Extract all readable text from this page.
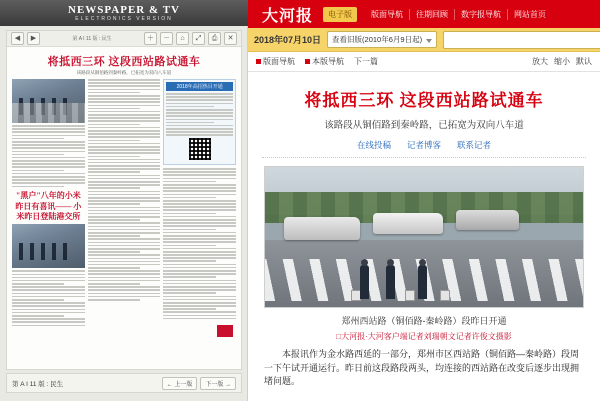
NEWSPAPER & TV
ELECTRONICS VERSION
◀	▶	第 A I 11 版 : 民生	＋	－	⌂	⤢	⎙	✕
将抵西三环 这段西站路试通车
该路段从铜佰路到秦岭路，已拓宽为双向八车道
"黑户"八年的小米昨日有喜讯—— 小米昨日登陆港交所
2018年高招热目开通
第 A I 11 版 : 民生	← 上一版	下一版 →
大河报	电子版	版面导航	往期回顾	数字报导航	网站首页
2018年07月10日	查看旧版(2010年6月9日起)
版面导航 本版导航 下一篇	放大 缩小 默认
将抵西三环 这段西站路试通车
该路段从铜佰路到秦岭路，已拓宽为双向八车道
在线投稿 记者博客 联系记者
郑州西站路（铜佰路-秦岭路）段昨日开通
□大河报·大河客户端记者刘瑞朝文记者许俊文摄影
本报讯作为金水路西延的一部分，郑州市区西站路（铜佰路—秦岭路）段周一下午试开通运行。昨日前这段路段两头，均连接的西站路在改变后逐步出现拥堵问题。
